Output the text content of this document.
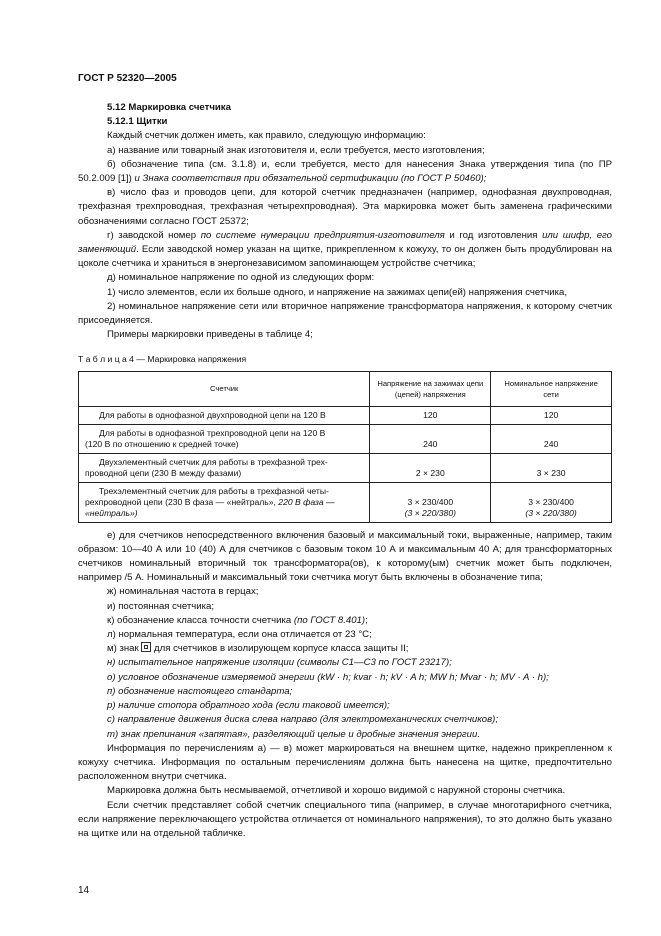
ГОСТ Р 52320—2005
5.12 Маркировка счетчика
5.12.1 Щитки

Каждый счетчик должен иметь, как правило, следующую информацию:

а) название или товарный знак изготовителя и, если требуется, место изготовления;

б) обозначение типа (см. 3.1.8) и, если требуется, место для нанесения Знака утверждения типа (по ПР 50.2.009 [1]) и Знака соответствия при обязательной сертификации (по ГОСТ Р 50460);

в) число фаз и проводов цепи, для которой счетчик предназначен (например, однофазная двухпроводная, трехфазная трехпроводная, трехфазная четырехпроводная). Эта маркировка может быть заменена графическими обозначениями согласно ГОСТ 25372;

г) заводской номер по системе нумерации предприятия-изготовителя и год изготовления или шифр, его заменяющий. Если заводской номер указан на щитке, прикрепленном к кожуху, то он должен быть продублирован на цоколе счетчика и храниться в энергонезависимом запоминающем устройстве счетчика;

д) номинальное напряжение по одной из следующих форм:

1) число элементов, если их больше одного, и напряжение на зажимах цепи(ей) напряжения счетчика,

2) номинальное напряжение сети или вторичное напряжение трансформатора напряжения, к которому счетчик присоединяется.

Примеры маркировки приведены в таблице 4;

Т а б л и ц а 4 — Маркировка напряжения
Счетчик	Напряжение на зажимах цепи (цепей) напряжения	Номинальное напряжение сети
Для работы в однофазной двухпроводной цепи на 120 В	120	120
Для работы в однофазной трехпроводной цепи на 120 В
(120 В по отношению к средней точке)	240	240
Двухэлементный счетчик для работы в трехфазной трех-
проводной цепи (230 В между фазами)	2 × 230	3 × 230
Трехэлементный счетчик для работы в трехфазной четы-
рехпроводной цепи (230 В фаза — «нейтраль», 220 В фаза —
«нейтраль»)	3 × 230/400
(3 × 220/380)	3 × 230/400
(3 × 220/380)

е) для счетчиков непосредственного включения базовый и максимальный токи, выраженные, например, таким образом: 10—40 А или 10 (40) А для счетчиков с базовым током 10 А и максимальным 40 А; для трансформаторных счетчиков номинальный вторичный ток трансформатора(ов), к которому(ым) счетчик может быть подключен, например /5 А. Номинальный и максимальный токи счетчика могут быть включены в обозначение типа;

ж) номинальная частота в герцах;

и) постоянная счетчика;

к) обозначение класса точности счетчика (по ГОСТ 8.401);

л) нормальная температура, если она отличается от 23 °С;

м) знак  для счетчиков в изолирующем корпусе класса защиты II;

н) испытательное напряжение изоляции (символы С1—С3 по ГОСТ 23217);

о) условное обозначение измеряемой энергии (kW · h; kvar · h; kV · A h; MW h; Mvar · h; MV · A · h);

п) обозначение настоящего стандарта;

р) наличие стопора обратного хода (если таковой имеется);

с) направление движения диска слева направо (для электромеханических счетчиков);

т) знак препинания «запятая», разделяющий целые и дробные значения энергии.

Информация по перечислениям а) — в) может маркироваться на внешнем щитке, надежно прикрепленном к кожуху счетчика. Информация по остальным перечислениям должна быть нанесена на щитке, предпочтительно расположенном внутри счетчика.

Маркировка должна быть несмываемой, отчетливой и хорошо видимой с наружной стороны счетчика.

Если счетчик представляет собой счетчик специального типа (например, в случае многотарифного счетчика, если напряжение переключающего устройства отличается от номинального напряжения), то это должно быть указано на щитке или на отдельной табличке.

14
